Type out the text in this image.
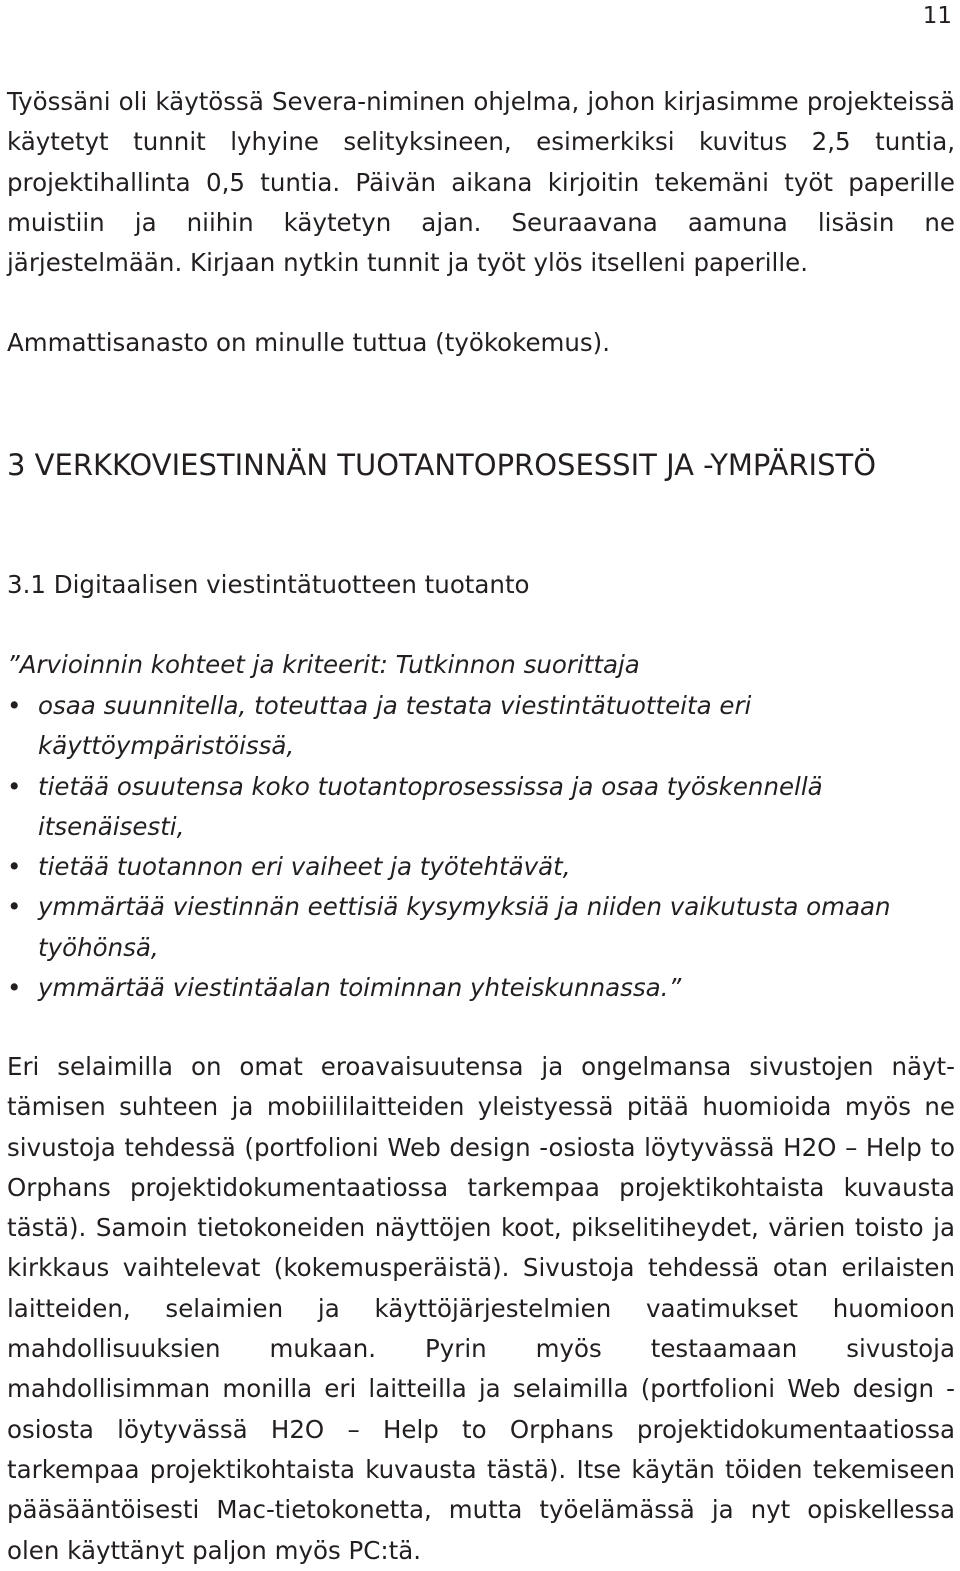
11

Työssäni oli käytössä Severa-niminen ohjelma, johon kirjasimme projekteissä käytetyt tunnit lyhyine selityksineen, esimerkiksi kuvitus 2,5 tuntia, projektihallinta 0,5 tuntia. Päivän aikana kirjoitin tekemäni työt paperille muistiin ja niihin käytetyn ajan. Seuraavana aamuna lisäsin ne järjestelmään. Kirjaan nytkin tunnit ja työt ylös itselleni paperille.

Ammattisanasto on minulle tuttua (työkokemus).

3 VERKKOVIESTINNÄN TUOTANTOPROSESSIT JA -YMPÄRISTÖ
3.1 Digitaalisen viestintätuotteen tuotanto

”Arvioinnin kohteet ja kriteerit: Tutkinnon suorittaja

• osaa suunnitella, toteuttaa ja testata viestintätuotteita eri käyttöympäristöissä,
• tietää osuutensa koko tuotantoprosessissa ja osaa työskennellä itsenäisesti,
• tietää tuotannon eri vaiheet ja työtehtävät,
• ymmärtää viestinnän eettisiä kysymyksiä ja niiden vaikutusta omaan työhönsä,
• ymmärtää viestintäalan toiminnan yhteiskunnassa.”

Eri selaimilla on omat eroavaisuutensa ja ongelmansa sivustojen näyttämisen suhteen ja mobiililaitteiden yleistyessä pitää huomioida myös ne sivustoja tehdessä (portfolioni Web design -osiosta löytyvässä H2O – Help to Orphans projektidokumentaatiossa tarkempaa projektikohtaista kuvausta tästä). Samoin tietokoneiden näyttöjen koot, pikselitiheydet, värien toisto ja kirkkaus vaihtelevat (kokemusperäistä). Sivustoja tehdessä otan erilaisten laitteiden, selaimien ja käyttöjärjestelmien vaatimukset huomioon mahdollisuuksien mukaan. Pyrin myös testaamaan sivustoja mahdollisimman monilla eri laitteilla ja selaimilla (portfolioni Web design -osiosta löytyvässä H2O – Help to Orphans projektidokumentaatiossa tarkempaa projektikohtaista kuvausta tästä). Itse käytän töiden tekemiseen pääsääntöisesti Mac-tietokonetta, mutta työelämässä ja nyt opiskellessa olen käyttänyt paljon myös PC:tä.
